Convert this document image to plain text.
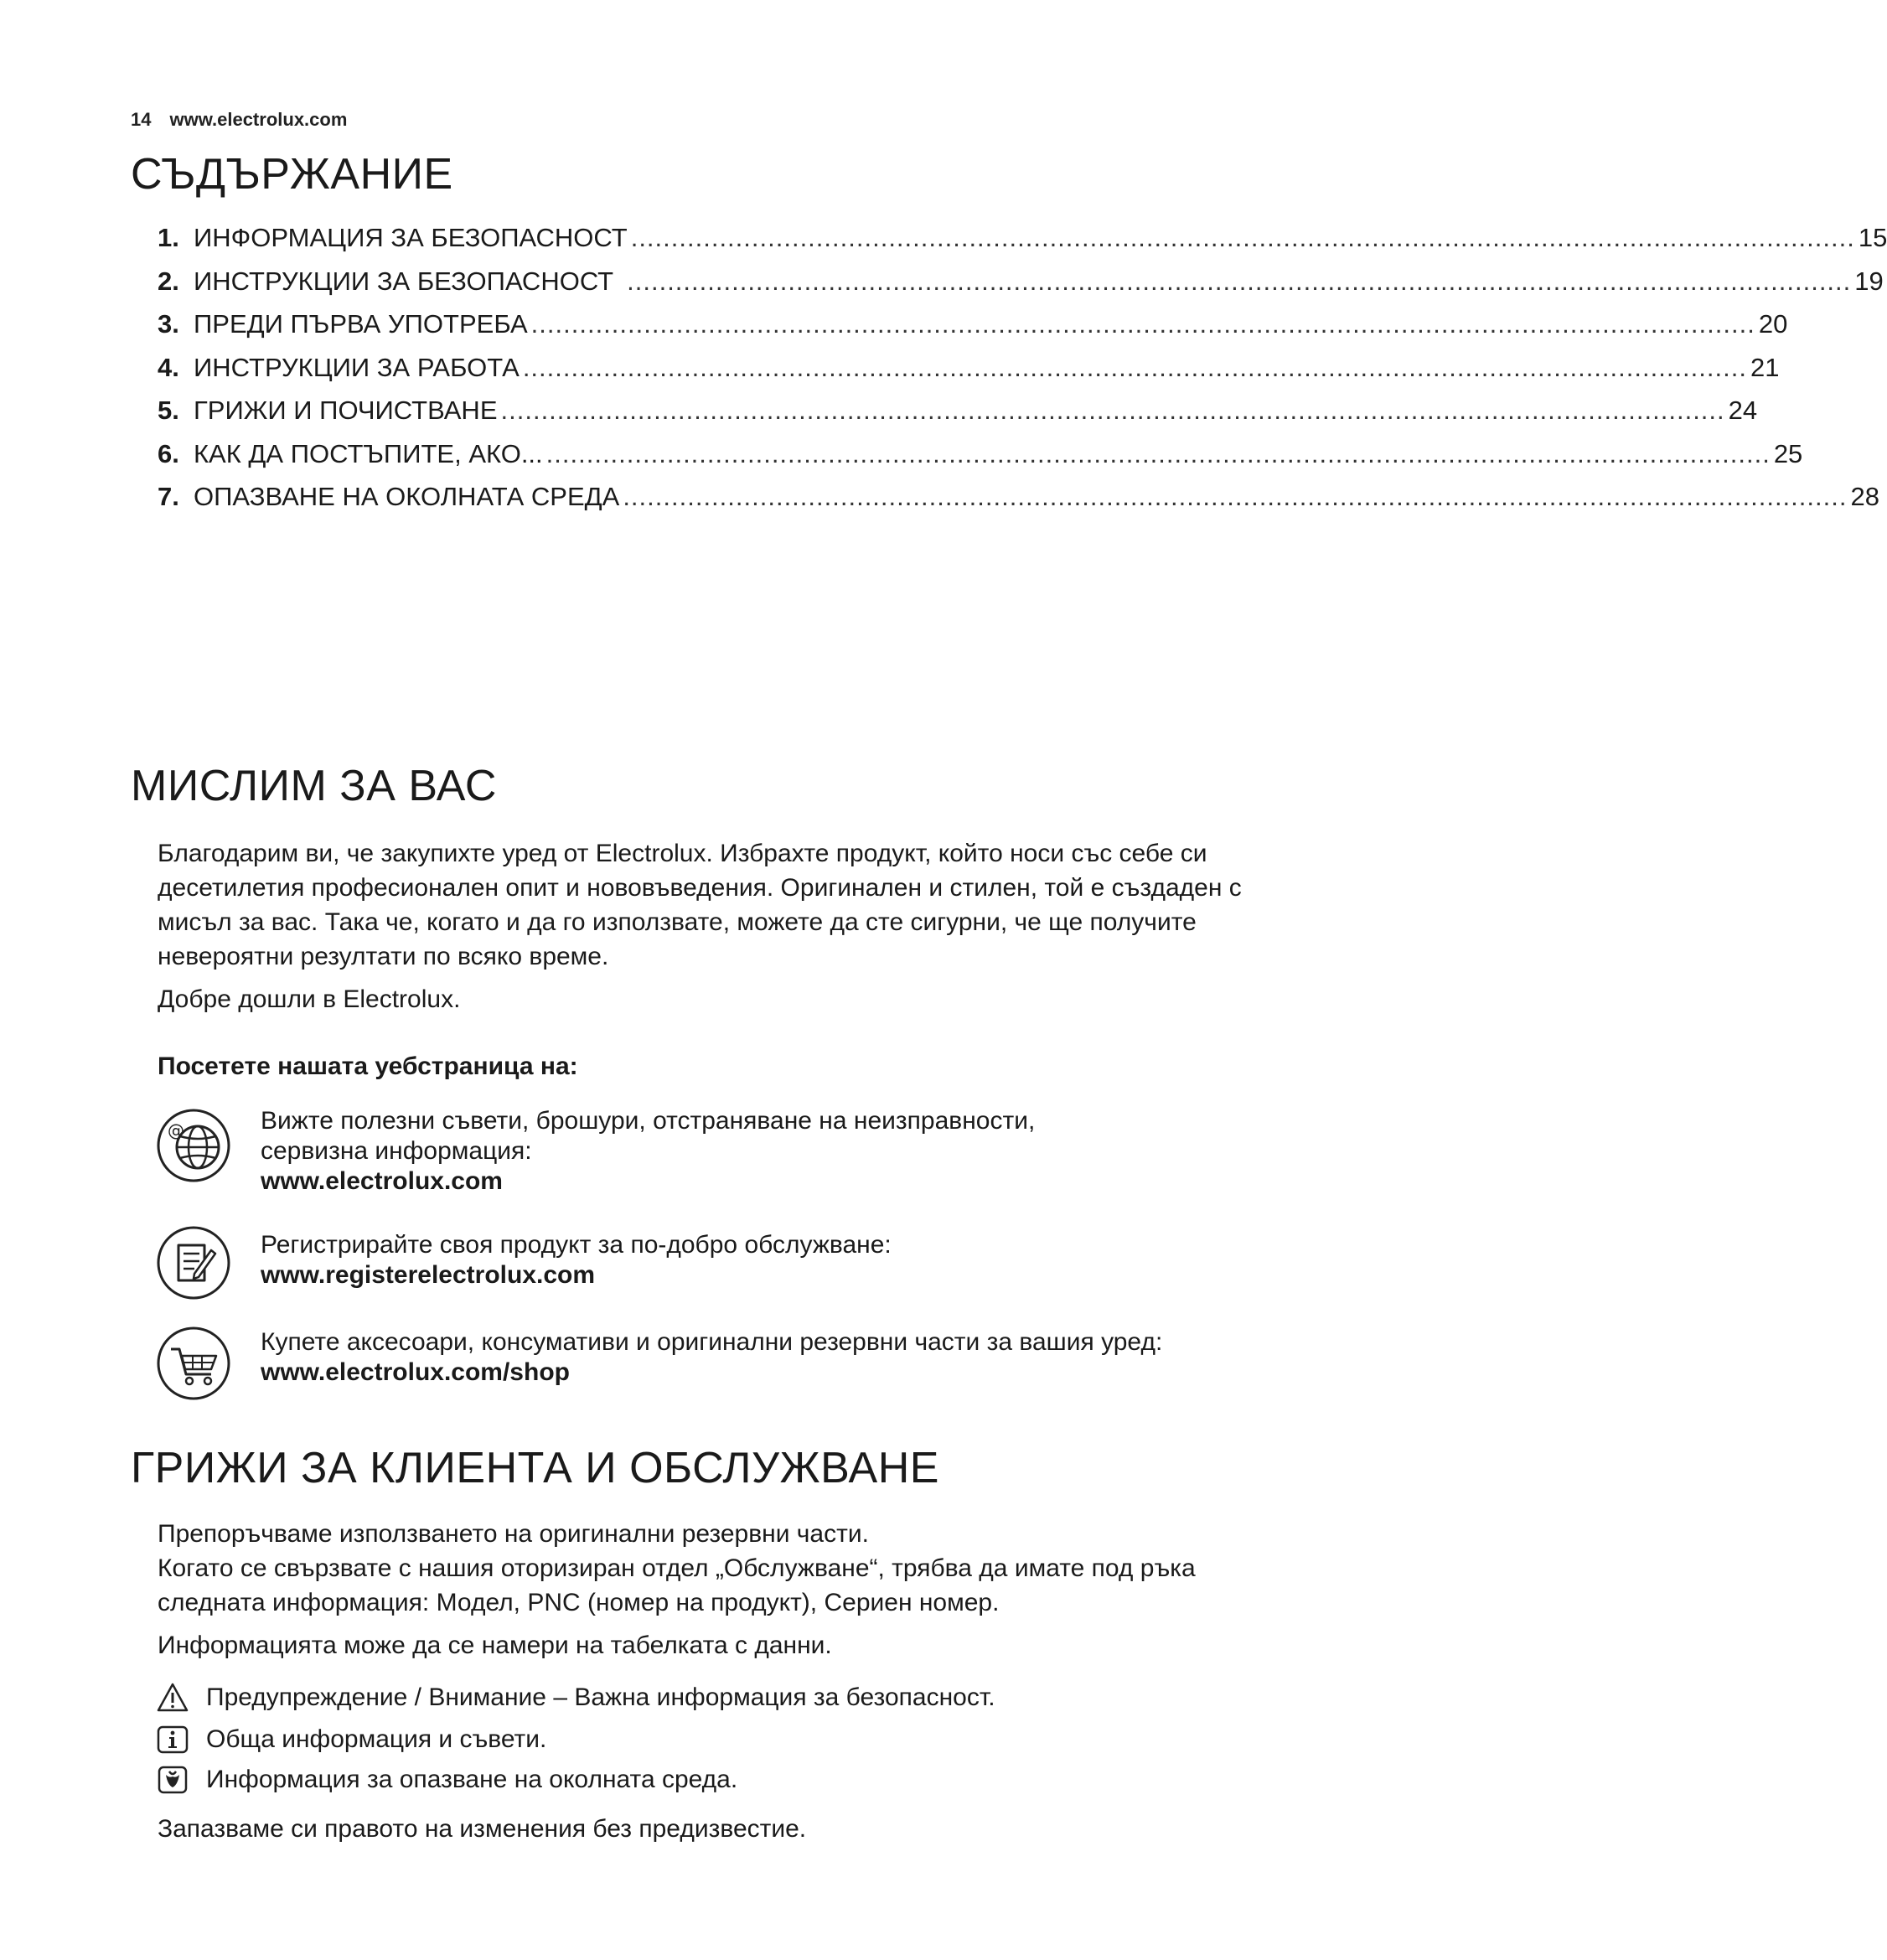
14 www.electrolux.com
СЪДЪРЖАНИЕ
1. ИНФОРМАЦИЯ ЗА БЕЗОПАСНОСТ ........................................................................................................................................................ 15
2. ИНСТРУКЦИИ ЗА БЕЗОПАСНОСТ ........................................................................................................................................................ 19
3. ПРЕДИ ПЪРВА УПОТРЕБА ........................................................................................................................................................ 20
4. ИНСТРУКЦИИ ЗА РАБОТА ........................................................................................................................................................ 21
5. ГРИЖИ И ПОЧИСТВАНЕ ........................................................................................................................................................ 24
6. КАК ДА ПОСТЪПИТЕ, АКО... ........................................................................................................................................................ 25
7. ОПАЗВАНЕ НА ОКОЛНАТА СРЕДА ........................................................................................................................................................ 28
МИСЛИМ ЗА ВАС

Благодарим ви, че закупихте уред от Electrolux. Избрахте продукт, който носи със себе си десетилетия професионален опит и нововъведения. Оригинален и стилен, той е създаден с мисъл за вас. Така че, когато и да го използвате, можете да сте сигурни, че ще получите невероятни резултати по всяко време.

Добре дошли в Electrolux.

Посетете нашата уебстраница на:

@	Вижте полезни съвети, брошури, отстраняване на неизправности,
сервизна информация:
www.electrolux.com
Регистрирайте своя продукт за по-добро обслужване:
www.registerelectrolux.com
Купете аксесоари, консумативи и оригинални резервни части за вашия уред:
www.electrolux.com/shop
ГРИЖИ ЗА КЛИЕНТА И ОБСЛУЖВАНЕ

Препоръчваме използването на оригинални резервни части.

Когато се свързвате с нашия оторизиран отдел „Обслужване“, трябва да имате под ръка следната информация: Модел, PNC (номер на продукт), Сериен номер.

Информацията може да се намери на табелката с данни.

Предупреждение / Внимание – Важна информация за безопасност.
Обща информация и съвети.
Информация за опазване на околната среда.

Запазваме си правото на изменения без предизвестие.
